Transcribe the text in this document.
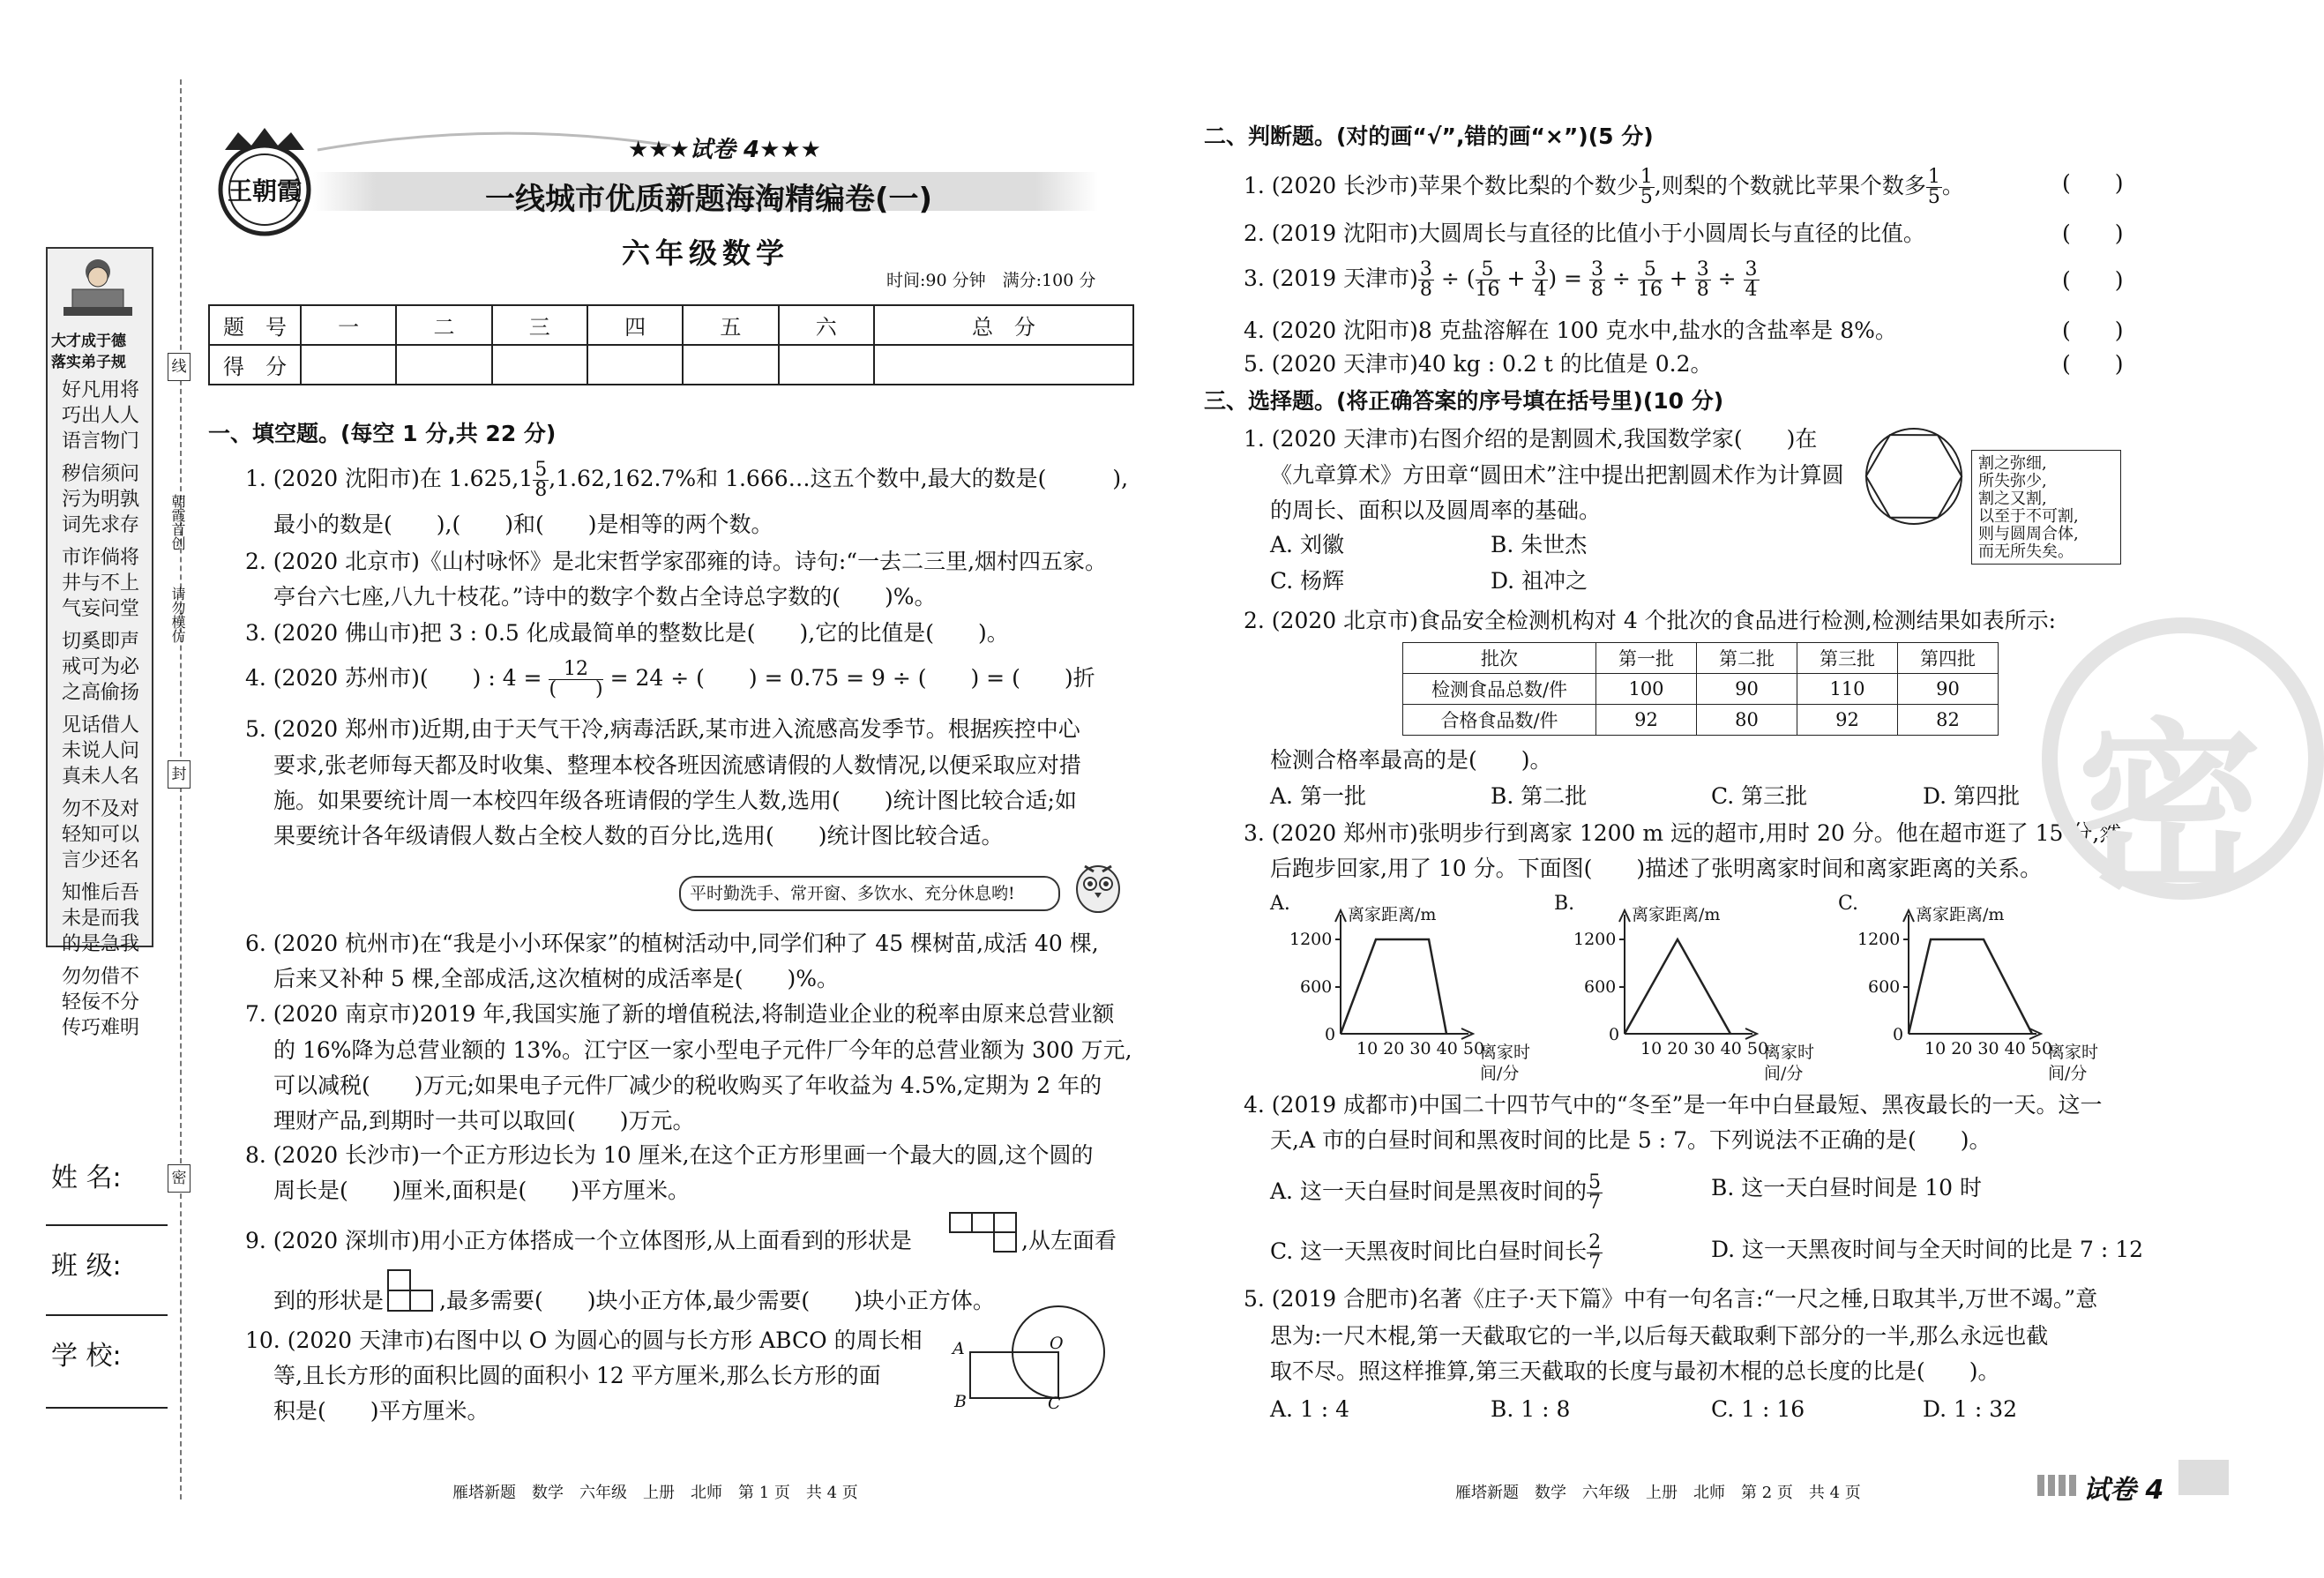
大才成于德
落实弟子规
好凡用将
巧出人人
语言物门
秽信须问
污为明孰
词先求存
市诈倘将
井与不上
气妄问堂
切奚即声
戒可为必
之高偷扬
见话借人
未说人问
真未人名
勿不及对
轻知可以
言少还名
知惟后吾
未是而我
的是急我
勿勿借不
轻佞不分
传巧难明
线
朝霞首创
请勿模仿
封
密
姓 名:
班 级:
学 校:
王朝霞
★★★试卷 4★★★
一线城市优质新题海淘精编卷(一)
六年级数学
时间:90 分钟　满分:100 分
题　号	一	二	三	四	五	六	总　分
得　分							
一、填空题。(每空 1 分,共 22 分)
1. (2020 沈阳市)在 $1.625,1 \frac{5}{8} ,1.62,162.7\%$和 1.666…这五个数中,最大的数是(　　　),
最小的数是(　　),(　　)和(　　)是相等的两个数。
2. (2020 北京市)《山村咏怀》是北宋哲学家邵雍的诗。诗句:“一去二三里,烟村四五家。
亭台六七座,八九十枝花。”诗中的数字个数占全诗总字数的(　　)%。
3. (2020 佛山市)把 3 : 0.5 化成最简单的整数比是(　　),它的比值是(　　)。
4. (2020 苏州市)(　　) : $4 = \frac{12}{( )} = 24$ ÷ (　　) = 0.75 = 9 ÷ (　　) = (　　)折
5. (2020 郑州市)近期,由于天气干冷,病毒活跃,某市进入流感高发季节。根据疾控中心
要求,张老师每天都及时收集、整理本校各班因流感请假的人数情况,以便采取应对措
施。如果要统计周一本校四年级各班请假的学生人数,选用(　　)统计图比较合适;如
果要统计各年级请假人数占全校人数的百分比,选用(　　)统计图比较合适。
平时勤洗手、常开窗、多饮水、充分休息哟!
6. (2020 杭州市)在“我是小小环保家”的植树活动中,同学们种了 45 棵树苗,成活 40 棵,
后来又补种 5 棵,全部成活,这次植树的成活率是(　　)%。
7. (2020 南京市)2019 年,我国实施了新的增值税法,将制造业企业的税率由原来总营业额
的 16%降为总营业额的 13%。江宁区一家小型电子元件厂今年的总营业额为 300 万元,
可以减税(　　)万元;如果电子元件厂减少的税收购买了年收益为 4.5%,定期为 2 年的
理财产品,到期时一共可以取回(　　)万元。
8. (2020 长沙市)一个正方形边长为 10 厘米,在这个正方形里画一个最大的圆,这个圆的
周长是(　　)厘米,面积是(　　)平方厘米。
9. (2020 深圳市)用小正方体搭成一个立体图形,从上面看到的形状是	,从左面看
到的形状是	,最多需要(　　)块小正方体,最少需要(　　)块小正方体。
10. (2020 天津市)右图中以 O 为圆心的圆与长方形 ABCO 的周长相
等,且长方形的面积比圆的面积小 12 平方厘米,那么长方形的面
积是(　　)平方厘米。
A	O
B	C
雁塔新题　数学　六年级　上册　北师　第 1 页　共 4 页
二、判断题。(对的画“√”,错的画“×”)(5 分)
1. (2020 长沙市)苹果个数比梨的个数少 $\frac{1}{5}$ ,则梨的个数就比苹果个数多 $\frac{1}{5}$ 。	(　　)
2. (2019 沈阳市)大圆周长与直径的比值小于小圆周长与直径的比值。	(　　)
3. (2019 天津市) $\frac{3}{8}$ ÷ ( $\frac{5}{16} + \frac{3}{4}$ ) = $\frac{3}{8} \div \frac{5}{16} + \frac{3}{8} \div \frac{3}{4}$	(　　)
4. (2020 沈阳市)8 克盐溶解在 100 克水中,盐水的含盐率是 8%。	(　　)
5. (2020 天津市)40 kg : 0.2 t 的比值是 0.2。	(　　)
三、选择题。(将正确答案的序号填在括号里)(10 分)
1. (2020 天津市)右图介绍的是割圆术,我国数学家(　　)在
《九章算术》方田章“圆田术”注中提出把割圆术作为计算圆
的周长、面积以及圆周率的基础。
A. 刘徽	B. 朱世杰
C. 杨辉	D. 祖冲之
割之弥细,
所失弥少,
割之又割,
以至于不可割,
则与圆周合体,
而无所失矣。
2. (2020 北京市)食品安全检测机构对 4 个批次的食品进行检测,检测结果如表所示:
批次	第一批	第二批	第三批	第四批
检测食品总数/件	100	90	110	90
合格食品数/件	92	80	92	82
检测合格率最高的是(　　)。
A. 第一批	B. 第二批	C. 第三批	D. 第四批
3. (2020 郑州市)张明步行到离家 1200 m 远的超市,用时 20 分。他在超市逛了 15 分,然
后跑步回家,用了 10 分。下面图(　　)描述了张明离家时间和离家距离的关系。
A.	离家距离/m
1200
600
0
10 20 30 40 50
离家时
间/分
B.	离家距离/m
1200
600
0
10 20 30 40 50
离家时
间/分
C.	离家距离/m
1200
600
0
10 20 30 40 50
离家时
间/分
4. (2019 成都市)中国二十四节气中的“冬至”是一年中白昼最短、黑夜最长的一天。这一
天,A 市的白昼时间和黑夜时间的比是 5 : 7。下列说法不正确的是(　　)。
A. 这一天白昼时间是黑夜时间的 $\frac{5}{7}$	B. 这一天白昼时间是 10 时
C. 这一天黑夜时间比白昼时间长 $\frac{2}{7}$	D. 这一天黑夜时间与全天时间的比是 7 : 12
5. (2019 合肥市)名著《庄子·天下篇》中有一句名言:“一尺之棰,日取其半,万世不竭。”意
思为:一尺木棍,第一天截取它的一半,以后每天截取剩下部分的一半,那么永远也截
取不尽。照这样推算,第三天截取的长度与最初木棍的总长度的比是(　　)。
A. 1 : 4	B. 1 : 8	C. 1 : 16	D. 1 : 32
密
雁塔新题　数学　六年级　上册　北师　第 2 页　共 4 页	试卷 4
